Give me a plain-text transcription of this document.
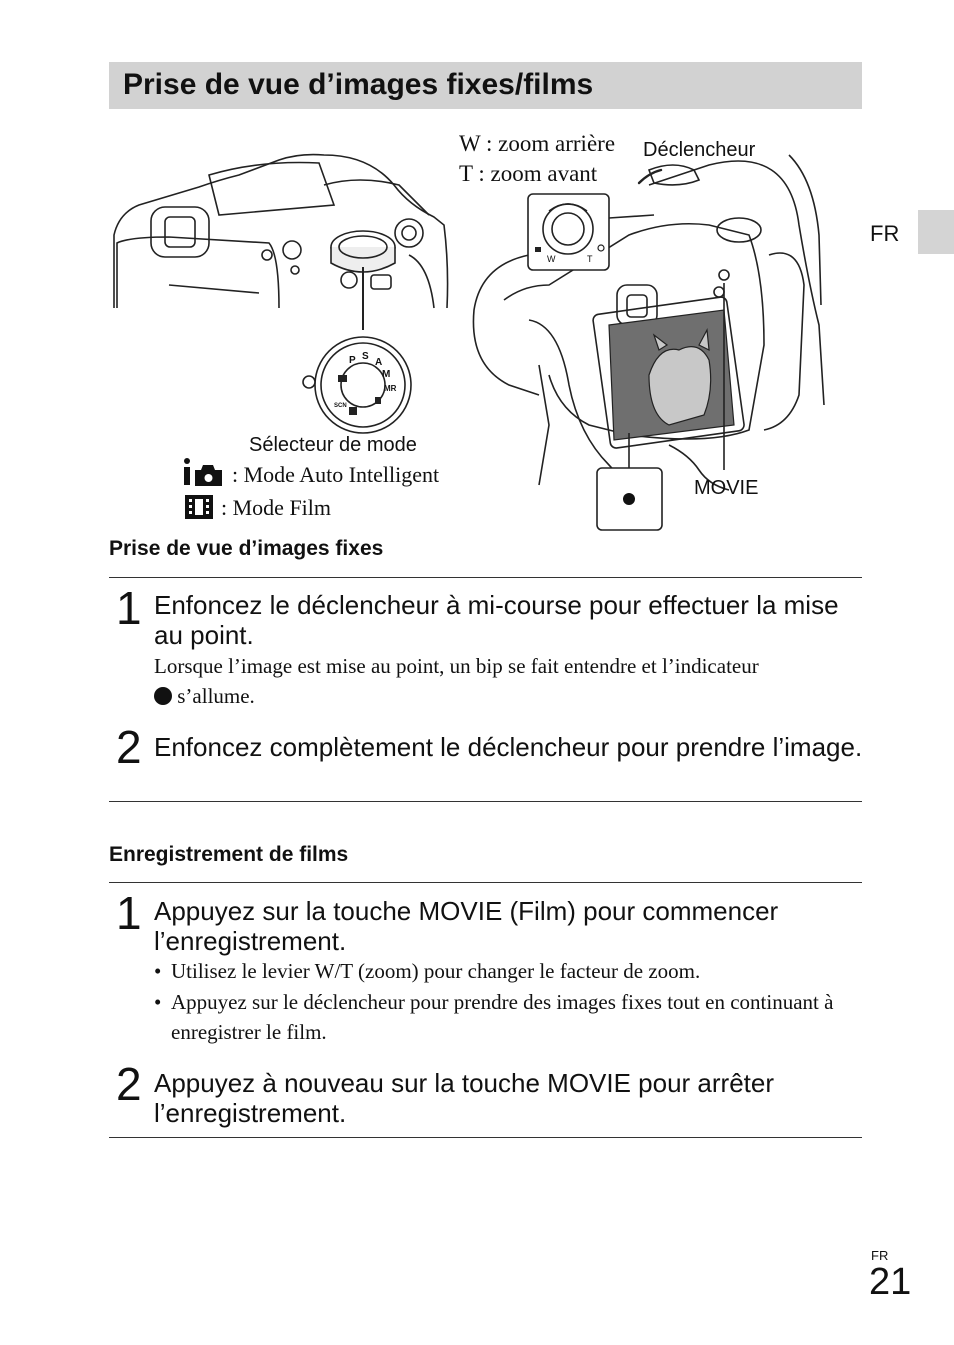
Prise de vue d’images fixes/films
FR
P S
A
M
MR
SCN
W	T
W : zoom arrière
T : zoom avant
Déclencheur
Sélecteur de mode
: Mode Auto Intelligent
: Mode Film
MOVIE
Prise de vue d’images fixes
1 Enfoncez le déclencheur à mi-course pour effectuer la mise au point.
Lorsque l’image est mise au point, un bip se fait entendre et l’indicateur
s’allume.
2 Enfoncez complètement le déclencheur pour prendre l’image.
Enregistrement de films
1 Appuyez sur la touche MOVIE (Film) pour commencer l’enregistrement.
• Utilisez le levier W/T (zoom) pour changer le facteur de zoom.
• Appuyez sur le déclencheur pour prendre des images fixes tout en continuant à enregistrer le film.
2 Appuyez à nouveau sur la touche MOVIE pour arrêter l’enregistrement.
FR
21
